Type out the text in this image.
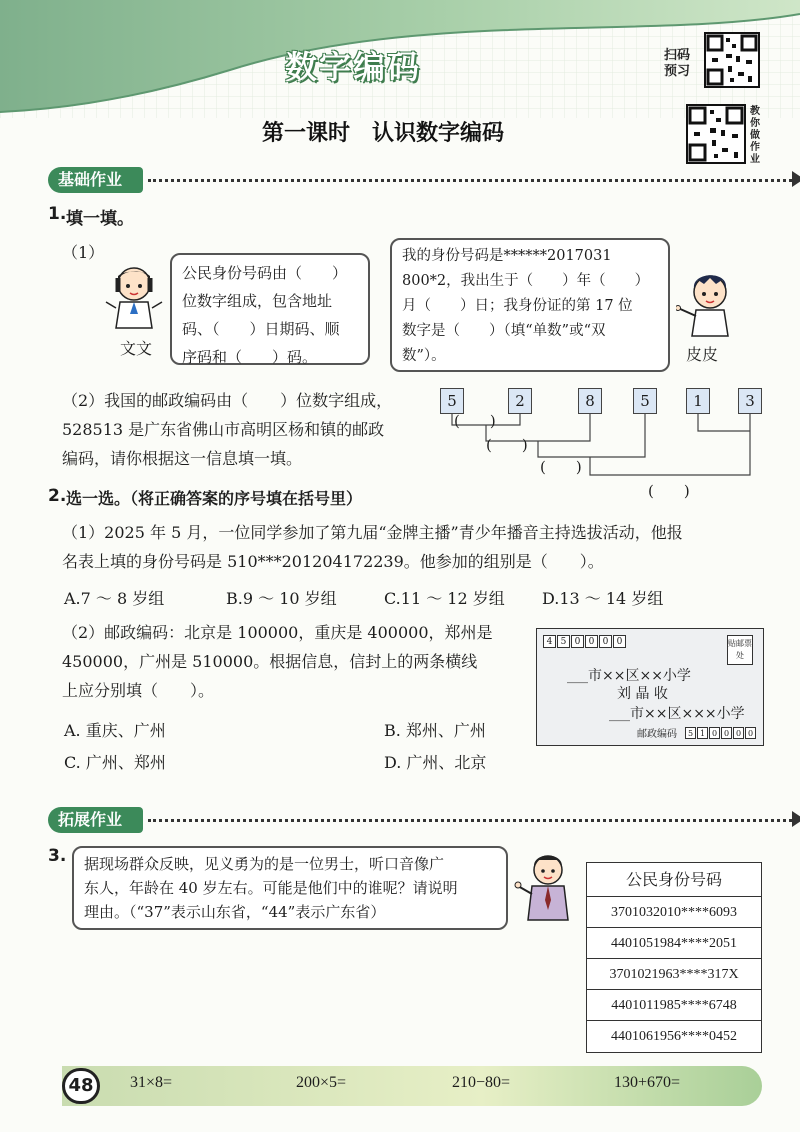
数字编码	扫码预习
教你做作业
第一课时　认识数字编码
基础作业
1. 填一填。
（1）
文文
公民身份号码由（　　）
位数字组成，包含地址
码、（　　）日期码、顺
序码和（　　）码。
我的身份号码是******2017031
800*2，我出生于（　　）年（　　）
月（　　）日；我身份证的第 17 位
数字是（　　）（填“单数”或“双
数”）。	皮皮
（2）我国的邮政编码由（　　）位数字组成，
528513 是广东省佛山市高明区杨和镇的邮政
编码，请你根据这一信息填一填。
5	2	8	5	1	3
(　　)
(　　)
(　　)
(　　)
2. 选一选。（将正确答案的序号填在括号里）
（1）2025 年 5 月，一位同学参加了第九届“金牌主播”青少年播音主持选拔活动，他报
名表上填的身份号码是 510***201204172239。他参加的组别是（　　）。
A.7 ～ 8 岁组	B.9 ～ 10 岁组	C.11 ～ 12 岁组 D.13 ～ 14 岁组
（2）邮政编码：北京是 100000，重庆是 400000，郑州是
450000，广州是 510000。根据信息，信封上的两条横线
上应分别填（　　）。
A. 重庆、广州	B. 郑州、广州
C. 广州、郑州	D. 广州、北京
4 5 0 0 0 0	贴邮票处
___市××区××小学
刘 晶 收
___市××区×××小学
邮政编码	5 1 0 0 0 0
拓展作业
3. 据现场群众反映，见义勇为的是一位男士，听口音像广
东人，年龄在 40 岁左右。可能是他们中的谁呢？请说明
理由。（“37”表示山东省，“44”表示广东省）
公民身份号码
3701032010****6093
4401051984****2051
3701021963****317X
4401011985****6748
4401061956****0452
48	31×8=	200×5=	210−80=	130+670=
